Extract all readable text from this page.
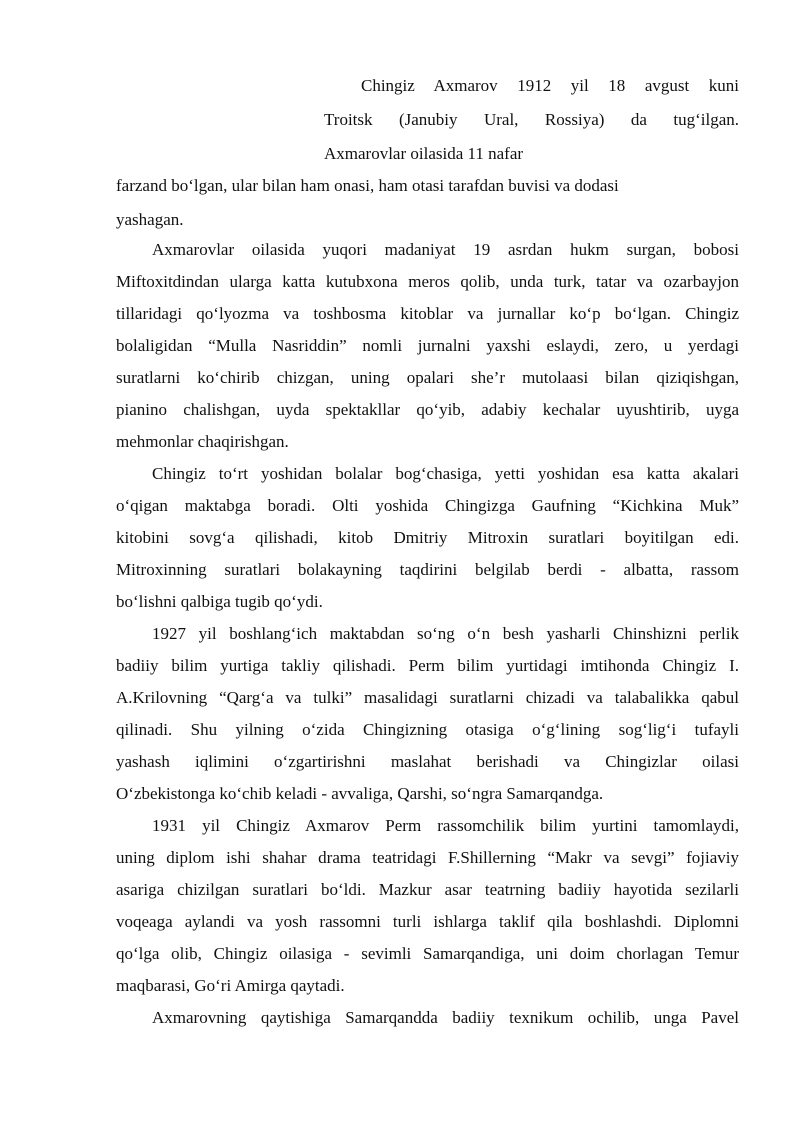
Chingiz Axmarov 1912 yil 18 avgust kuni
Troitsk (Janubiy Ural, Rossiya) da tug‘ilgan.
Axmarovlar oilasida 11 nafar
farzand bo‘lgan, ular bilan ham onasi, ham otasi tarafdan buvisi va dodasi
yashagan.
Axmarovlar oilasida yuqori madaniyat 19 asrdan hukm surgan, bobosi
Miftoxitdindan ularga katta kutubxona meros qolib, unda turk, tatar va ozarbayjon
tillaridagi qo‘lyozma va toshbosma kitoblar va jurnallar ko‘p bo‘lgan. Chingiz
bolaligidan “Mulla Nasriddin” nomli jurnalni yaxshi eslaydi, zero, u yerdagi
suratlarni ko‘chirib chizgan, uning opalari she’r mutolaasi bilan qiziqishgan,
pianino chalishgan, uyda spektakllar qo‘yib, adabiy kechalar uyushtirib, uyga
mehmonlar chaqirishgan.
Chingiz to‘rt yoshidan bolalar bog‘chasiga, yetti yoshidan esa katta akalari
o‘qigan maktabga boradi. Olti yoshida Chingizga Gaufning “Kichkina Muk”
kitobini sovg‘a qilishadi, kitob Dmitriy Mitroxin suratlari boyitilgan edi.
Mitroxinning suratlari bolakayning taqdirini belgilab berdi - albatta, rassom
bo‘lishni qalbiga tugib qo‘ydi.
1927 yil boshlang‘ich maktabdan so‘ng o‘n besh yasharli Chinshizni perlik
badiiy bilim yurtiga takliy qilishadi. Perm bilim yurtidagi imtihonda Chingiz I.
A.Krilovning “Qarg‘a va tulki” masalidagi suratlarni chizadi va talabalikka qabul
qilinadi. Shu yilning o‘zida Chingizning otasiga o‘g‘lining sog‘lig‘i tufayli
yashash iqlimini o‘zgartirishni maslahat berishadi va Chingizlar oilasi
O‘zbekistonga ko‘chib keladi - avvaliga, Qarshi, so‘ngra Samarqandga.
1931 yil Chingiz Axmarov Perm rassomchilik bilim yurtini tamomlaydi,
uning diplom ishi shahar drama teatridagi F.Shillerning “Makr va sevgi” fojiaviy
asariga chizilgan suratlari bo‘ldi. Mazkur asar teatrning badiiy hayotida sezilarli
voqeaga aylandi va yosh rassomni turli ishlarga taklif qila boshlashdi. Diplomni
qo‘lga olib, Chingiz oilasiga - sevimli Samarqandiga, uni doim chorlagan Temur
maqbarasi, Go‘ri Amirga qaytadi.
Axmarovning qaytishiga Samarqandda badiiy texnikum ochilib, unga Pavel
